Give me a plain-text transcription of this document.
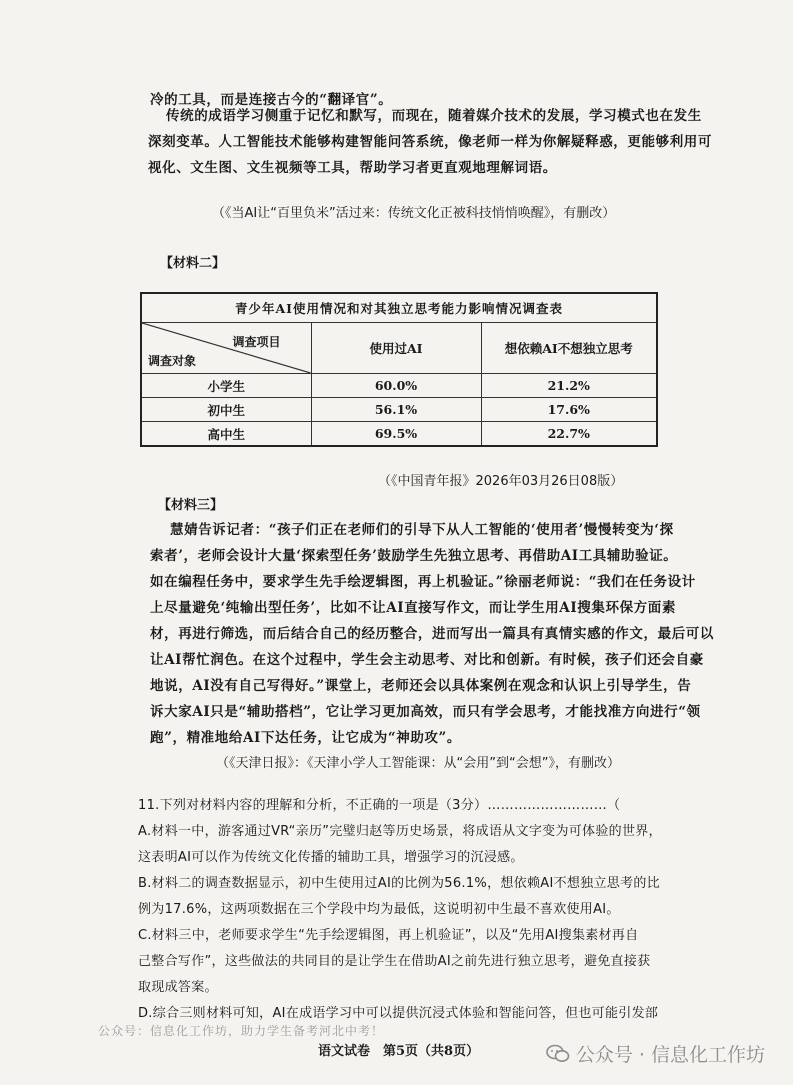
冷的工具，而是连接古今的“翻译官”。
传统的成语学习侧重于记忆和默写，而现在，随着媒介技术的发展，学习模式也在发生
深刻变革。人工智能技术能够构建智能问答系统，像老师一样为你解疑释惑，更能够利用可
视化、文生图、文生视频等工具，帮助学习者更直观地理解词语。
（《当AI让“百里负米”活过来：传统文化正被科技悄悄唤醒》，有删改）
【材料二】
青少年AI使用情况和对其独立思考能力影响情况调查表		

调查项目
调查对象	使用过AI	想依赖AI不想独立思考
小学生	60.0%	21.2%
初中生	56.1%	17.6%
高中生	69.5%	22.7%
（《中国青年报》2026年03月26日08版）
【材料三】
慧婧告诉记者：“孩子们正在老师们的引导下从人工智能的‘使用者’慢慢转变为‘探
索者’，老师会设计大量‘探索型任务’鼓励学生先独立思考、再借助AI工具辅助验证。
如在编程任务中，要求学生先手绘逻辑图，再上机验证。”徐丽老师说：“我们在任务设计
上尽量避免‘纯输出型任务’，比如不让AI直接写作文，而让学生用AI搜集环保方面素
材，再进行筛选，而后结合自己的经历整合，进而写出一篇具有真情实感的作文，最后可以
让AI帮忙润色。在这个过程中，学生会主动思考、对比和创新。有时候，孩子们还会自豪
地说，AI没有自己写得好。”课堂上，老师还会以具体案例在观念和认识上引导学生，告
诉大家AI只是“辅助搭档”，它让学习更加高效，而只有学会思考，才能找准方向进行“领
跑”，精准地给AI下达任务，让它成为“神助攻”。
（《天津日报》：《天津小学人工智能课：从“会用”到“会想”》，有删改）
11.下列对材料内容的理解和分析，不正确的一项是（3分）………………………（
A.材料一中，游客通过VR“亲历”完璧归赵等历史场景，将成语从文字变为可体验的世界，
这表明AI可以作为传统文化传播的辅助工具，增强学习的沉浸感。
B.材料二的调查数据显示，初中生使用过AI的比例为56.1%，想依赖AI不想独立思考的比
例为17.6%，这两项数据在三个学段中均为最低，这说明初中生最不喜欢使用AI。
C.材料三中，老师要求学生“先手绘逻辑图，再上机验证”，以及“先用AI搜集素材再自
己整合写作”，这些做法的共同目的是让学生在借助AI之前先进行独立思考，避免直接获
取现成答案。
D.综合三则材料可知，AI在成语学习中可以提供沉浸式体验和智能问答，但也可能引发部
公众号：信息化工作坊，助力学生备考河北中考！
语文试卷　第5页（共8页）	公众号 · 信息化工作坊
